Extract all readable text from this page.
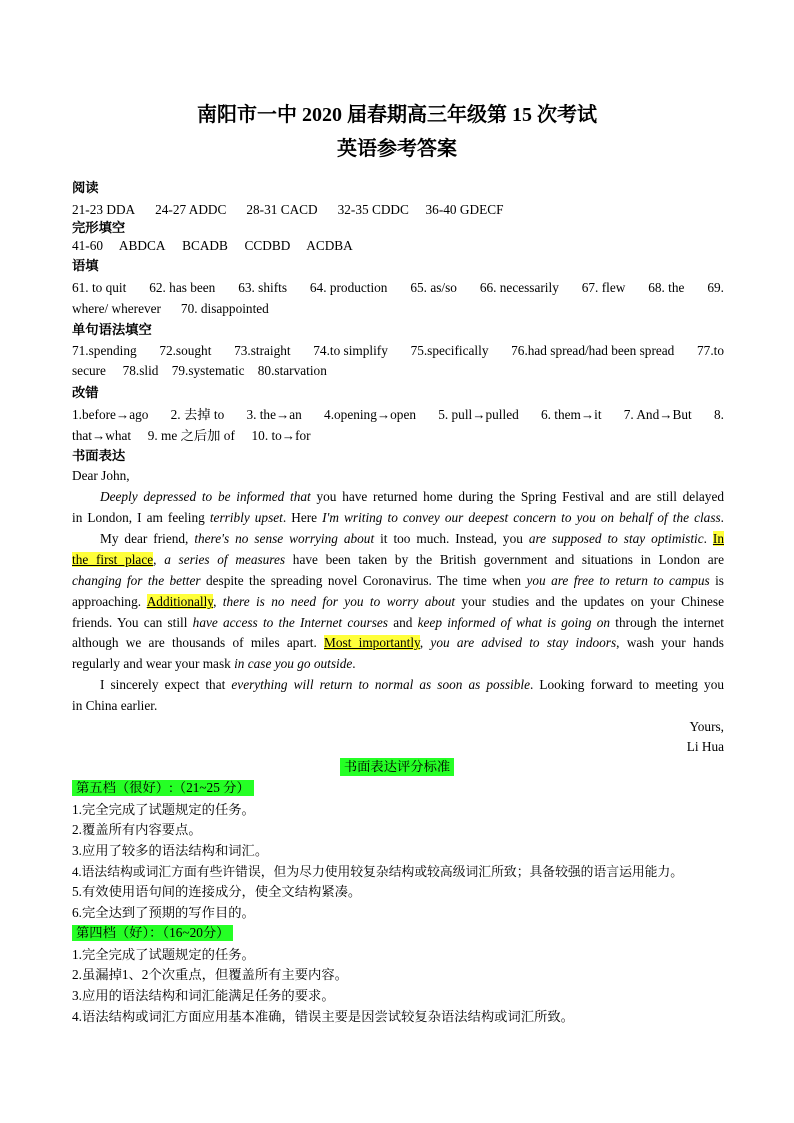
南阳市一中 2020 届春期高三年级第 15 次考试
英语参考答案
阅读
21-23 DDA 24-27 ADDC 28-31 CACD 32-35 CDDC 36-40 GDECF
完形填空
41-60 ABDCA BCADB CCDBD ACDBA
语填
61. to quit 62. has been 63. shifts 64. production 65. as/so 66. necessarily 67. flew 68. the 69.
where/ wherever 70. disappointed
单句语法填空
71.spending 72.sought 73.straight 74.to simplify 75.specifically 76.had spread/had been spread 77.to
secure 78.slid 79.systematic 80.starvation
改错
1.before→ago 2. 去掉 to 3. the→an 4.opening→open 5. pull→pulled 6. them→it 7. And→But 8.
that→what 9. me 之后加 of 10. to→for
书面表达
Dear John,
Deeply depressed to be informed that you have returned home during the Spring Festival and are still delayed
in London, I am feeling terribly upset. Here I'm writing to convey our deepest concern to you on behalf of the class.
My dear friend, there's no sense worrying about it too much. Instead, you are supposed to stay optimistic. In
the first place, a series of measures have been taken by the British government and situations in London are
changing for the better despite the spreading novel Coronavirus. The time when you are free to return to campus is
approaching. Additionally, there is no need for you to worry about your studies and the updates on your Chinese
friends. You can still have access to the Internet courses and keep informed of what is going on through the internet
although we are thousands of miles apart. Most importantly, you are advised to stay indoors, wash your hands
regularly and wear your mask in case you go outside.
I sincerely expect that everything will return to normal as soon as possible. Looking forward to meeting you
in China earlier.
Yours,
Li Hua
书面表达评分标准
第五档（很好）:（21~25 分）
1.完全完成了试题规定的任务。
2.覆盖所有内容要点。
3.应用了较多的语法结构和词汇。
4.语法结构或词汇方面有些许错误，但为尽力使用较复杂结构或较高级词汇所致；具备较强的语言运用能力。
5.有效使用语句间的连接成分，使全文结构紧凑。
6.完全达到了预期的写作目的。
第四档（好）：（16~20分）
1.完全完成了试题规定的任务。
2.虽漏掉1、2个次重点，但覆盖所有主要内容。
3.应用的语法结构和词汇能满足任务的要求。
4.语法结构或词汇方面应用基本准确，错误主要是因尝试较复杂语法结构或词汇所致。
